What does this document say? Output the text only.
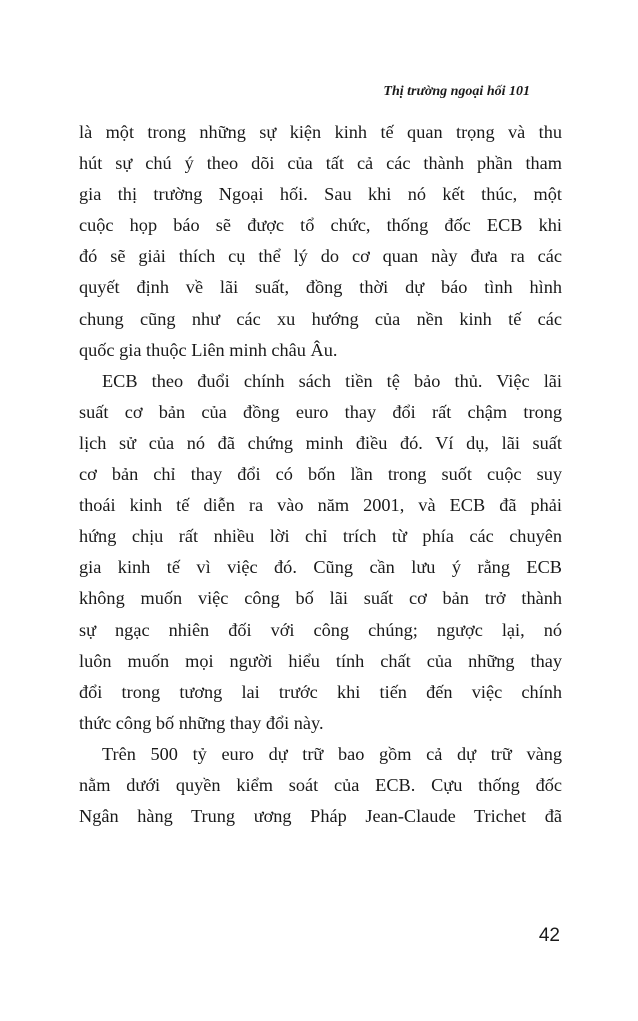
Thị trường ngoại hối 101

là một trong những sự kiện kinh tế quan trọng và thu
hút sự chú ý theo dõi của tất cả các thành phần tham
gia thị trường Ngoại hối. Sau khi nó kết thúc, một
cuộc họp báo sẽ được tổ chức, thống đốc ECB khi
đó sẽ giải thích cụ thể lý do cơ quan này đưa ra các
quyết định về lãi suất, đồng thời dự báo tình hình
chung cũng như các xu hướng của nền kinh tế các
quốc gia thuộc Liên minh châu Âu.

ECB theo đuổi chính sách tiền tệ bảo thủ. Việc lãi
suất cơ bản của đồng euro thay đổi rất chậm trong
lịch sử của nó đã chứng minh điều đó. Ví dụ, lãi suất
cơ bản chỉ thay đổi có bốn lần trong suốt cuộc suy
thoái kinh tế diễn ra vào năm 2001, và ECB đã phải
hứng chịu rất nhiều lời chỉ trích từ phía các chuyên
gia kinh tế vì việc đó. Cũng cần lưu ý rằng ECB
không muốn việc công bố lãi suất cơ bản trở thành
sự ngạc nhiên đối với công chúng; ngược lại, nó
luôn muốn mọi người hiểu tính chất của những thay
đổi trong tương lai trước khi tiến đến việc chính
thức công bố những thay đổi này.

Trên 500 tỷ euro dự trữ bao gồm cả dự trữ vàng
nằm dưới quyền kiểm soát của ECB. Cựu thống đốc
Ngân hàng Trung ương Pháp Jean-Claude Trichet đã

42
